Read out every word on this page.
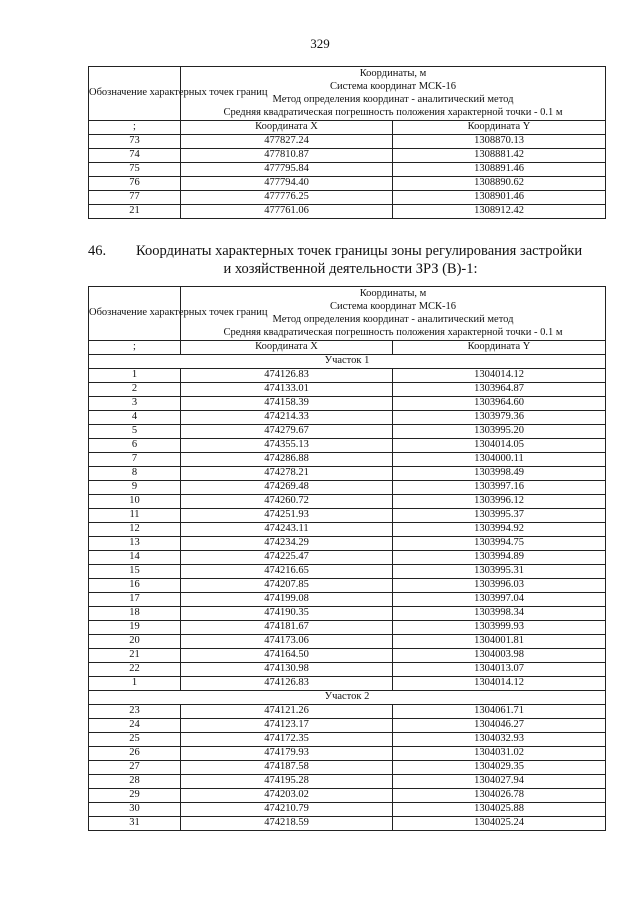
329
Обозначение характерных точек границ	Координаты, м
Система координат МСК-16
Метод определения координат - аналитический метод
Средняя квадратическая погрешность положения характерной точки - 0.1 м	

;	Координата X	Координата Y
73	477827.24	1308870.13
74	477810.87	1308881.42
75	477795.84	1308891.46
76	477794.40	1308890.62
77	477776.25	1308901.46
21	477761.06	1308912.42
46. Координаты характерных точек границы зоны регулирования застройки
и хозяйственной деятельности ЗРЗ (В)-1:
Обозначение характерных точек границ	Координаты, м
Система координат МСК-16
Метод определения координат - аналитический метод
Средняя квадратическая погрешность положения характерной точки - 0.1 м	

;	Координата X	Координата Y
Участок 1		
1	474126.83	1304014.12
2	474133.01	1303964.87
3	474158.39	1303964.60
4	474214.33	1303979.36
5	474279.67	1303995.20
6	474355.13	1304014.05
7	474286.88	1304000.11
8	474278.21	1303998.49
9	474269.48	1303997.16
10	474260.72	1303996.12
11	474251.93	1303995.37
12	474243.11	1303994.92
13	474234.29	1303994.75
14	474225.47	1303994.89
15	474216.65	1303995.31
16	474207.85	1303996.03
17	474199.08	1303997.04
18	474190.35	1303998.34
19	474181.67	1303999.93
20	474173.06	1304001.81
21	474164.50	1304003.98
22	474130.98	1304013.07
1	474126.83	1304014.12
Участок 2		
23	474121.26	1304061.71
24	474123.17	1304046.27
25	474172.35	1304032.93
26	474179.93	1304031.02
27	474187.58	1304029.35
28	474195.28	1304027.94
29	474203.02	1304026.78
30	474210.79	1304025.88
31	474218.59	1304025.24
